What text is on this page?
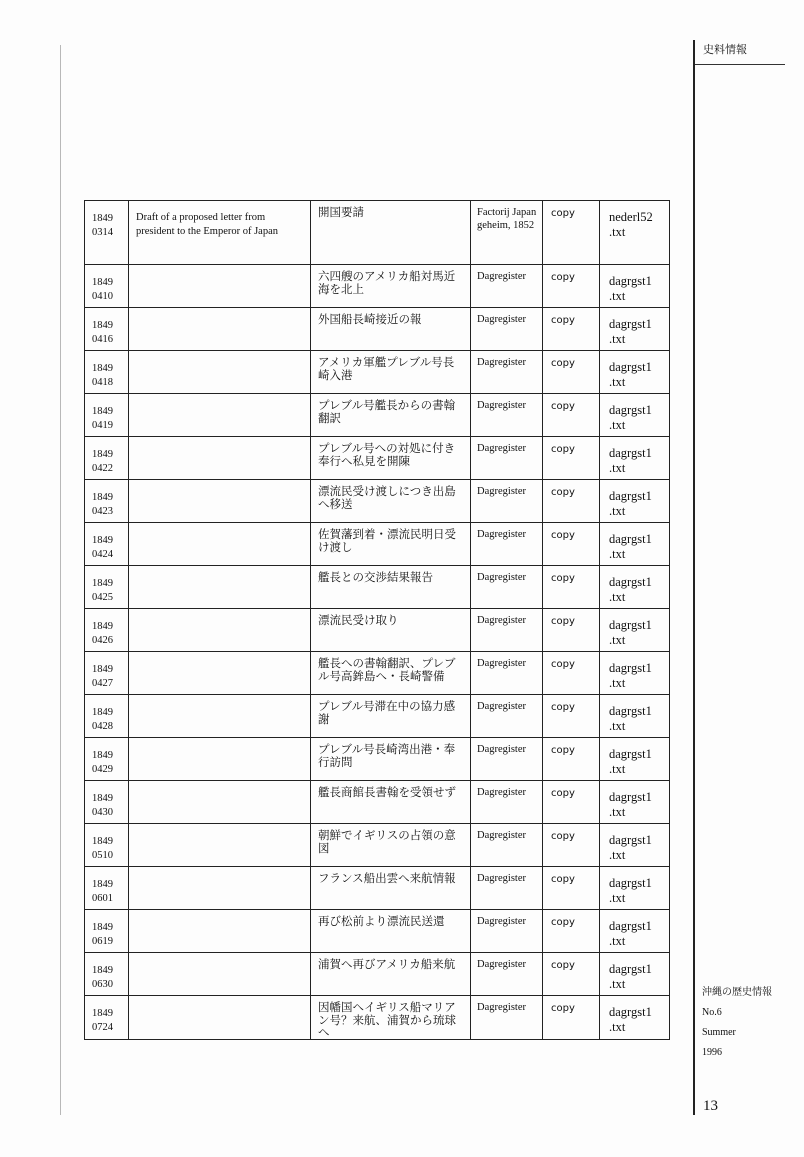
史料情報
1849
0314	Draft of a proposed letter from president to the Emperor of Japan	開国要請	Factorij Japan geheim, 1852	copy	nederl52 .txt

1849
0410		六四艘のアメリカ船対馬近海を北上	Dagregister	copy	dagrgst1 .txt

1849
0416		外国船長崎接近の報	Dagregister	copy	dagrgst1 .txt

1849
0418		アメリカ軍艦プレブル号長崎入港	Dagregister	copy	dagrgst1 .txt

1849
0419		プレブル号艦長からの書翰翻訳	Dagregister	copy	dagrgst1 .txt

1849
0422		プレブル号への対処に付き奉行へ私見を開陳	Dagregister	copy	dagrgst1 .txt

1849
0423		漂流民受け渡しにつき出島へ移送	Dagregister	copy	dagrgst1 .txt

1849
0424		佐賀藩到着・漂流民明日受け渡し	Dagregister	copy	dagrgst1 .txt

1849
0425		艦長との交渉結果報告	Dagregister	copy	dagrgst1 .txt

1849
0426		漂流民受け取り	Dagregister	copy	dagrgst1 .txt

1849
0427		艦長への書翰翻訳、プレブル号高鉾島へ・長崎警備	Dagregister	copy	dagrgst1 .txt

1849
0428		プレブル号滞在中の協力感謝	Dagregister	copy	dagrgst1 .txt

1849
0429		プレブル号長崎湾出港・奉行訪問	Dagregister	copy	dagrgst1 .txt

1849
0430		艦長商館長書翰を受領せず	Dagregister	copy	dagrgst1 .txt

1849
0510		朝鮮でイギリスの占領の意図	Dagregister	copy	dagrgst1 .txt

1849
0601		フランス船出雲へ来航情報	Dagregister	copy	dagrgst1 .txt

1849
0619		再び松前より漂流民送還	Dagregister	copy	dagrgst1 .txt

1849
0630		浦賀へ再びアメリカ船来航	Dagregister	copy	dagrgst1 .txt

1849
0724		因幡国へイギリス船マリアン号？来航、浦賀から琉球へ	Dagregister	copy	dagrgst1 .txt
沖縄の歴史情報
No.6
Summer
1996
13
